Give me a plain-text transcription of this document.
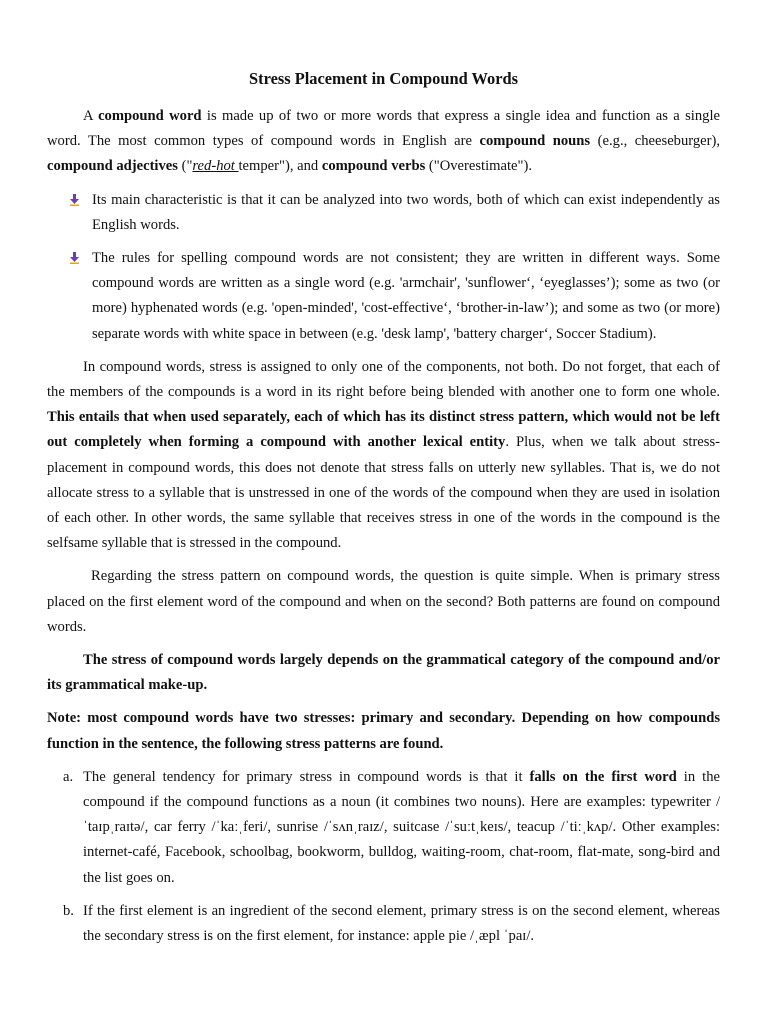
Stress Placement in Compound Words

A compound word is made up of two or more words that express a single idea and function as a single word. The most common types of compound words in English are compound nouns (e.g., cheeseburger), compound adjectives ("red-hot temper"), and compound verbs ("Overestimate").

Its main characteristic is that it can be analyzed into two words, both of which can exist independently as English words.
The rules for spelling compound words are not consistent; they are written in different ways. Some compound words are written as a single word (e.g. 'armchair', 'sunflower‘, ‘eyeglasses’); some as two (or more) hyphenated words (e.g. 'open-minded', 'cost-effective‘, ‘brother-in-law’); and some as two (or more) separate words with white space in between (e.g. 'desk lamp', 'battery charger‘, Soccer Stadium).

In compound words, stress is assigned to only one of the components, not both. Do not forget, that each of the members of the compounds is a word in its right before being blended with another one to form one whole. This entails that when used separately, each of which has its distinct stress pattern, which would not be left out completely when forming a compound with another lexical entity. Plus, when we talk about stress-placement in compound words, this does not denote that stress falls on utterly new syllables. That is, we do not allocate stress to a syllable that is unstressed in one of the words of the compound when they are used in isolation of each other. In other words, the same syllable that receives stress in one of the words in the compound is the selfsame syllable that is stressed in the compound.

Regarding the stress pattern on compound words, the question is quite simple. When is primary stress placed on the first element word of the compound and when on the second? Both patterns are found on compound words.

The stress of compound words largely depends on the grammatical category of the compound and/or its grammatical make-up.

Note: most compound words have two stresses: primary and secondary. Depending on how compounds function in the sentence, the following stress patterns are found.

a. The general tendency for primary stress in compound words is that it falls on the first word in the compound if the compound functions as a noun (it combines two nouns). Here are examples: typewriter /ˈtaɪpˌraɪtə/, car ferry /ˈkaːˌferi/, sunrise /ˈsʌnˌraɪz/, suitcase /ˈsuːtˌkeɪs/, teacup /ˈtiːˌkʌp/. Other examples: internet-café, Facebook, schoolbag, bookworm, bulldog, waiting-room, chat-room, flat-mate, song-bird and the list goes on.
b. If the first element is an ingredient of the second element, primary stress is on the second element, whereas the secondary stress is on the first element, for instance: apple pie /ˌæpl ˈpaɪ/.
